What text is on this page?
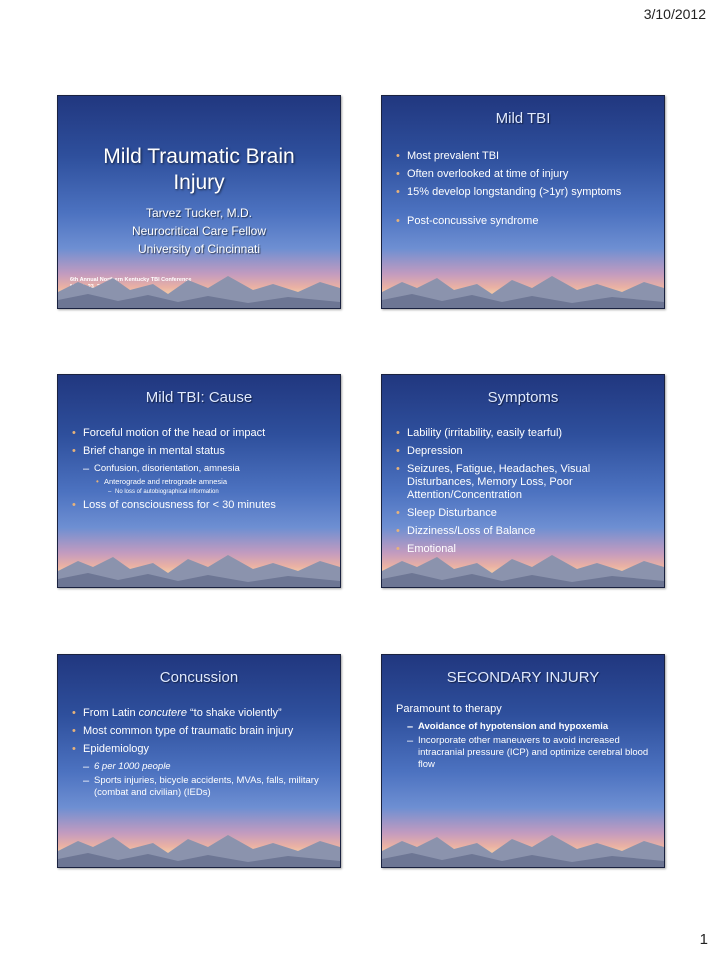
3/10/2012
Mild Traumatic Brain
Injury
Tarvez Tucker, M.D.
Neurocritical Care Fellow
University of Cincinnati
6th Annual Northern Kentucky TBI Conference
Mild TBI
• Most prevalent TBI
• Often overlooked at time of injury
• 15% develop longstanding (>1yr) symptoms
• Post-concussive syndrome
Mild TBI: Cause
• Forceful motion of the head or impact
• Brief change in mental status
– Confusion, disorientation, amnesia
• Anterograde and retrograde amnesia
– No loss of autobiographical information
• Loss of consciousness for < 30 minutes
Symptoms
• Lability (irritability, easily tearful)
• Depression
• Seizures, Fatigue, Headaches, Visual Disturbances, Memory Loss, Poor Attention/Concentration
• Sleep Disturbance
• Dizziness/Loss of Balance
• Emotional
Concussion
• From Latin concutere “to shake violently”
• Most common type of traumatic brain injury
• Epidemiology
– 6 per 1000 people
– Sports injuries, bicycle accidents, MVAs, falls, military (combat and civilian) (IEDs)
SECONDARY INJURY
Paramount to therapy
– Avoidance of hypotension and hypoxemia
– Incorporate other maneuvers to avoid increased intracranial pressure (ICP) and optimize cerebral blood flow
1
